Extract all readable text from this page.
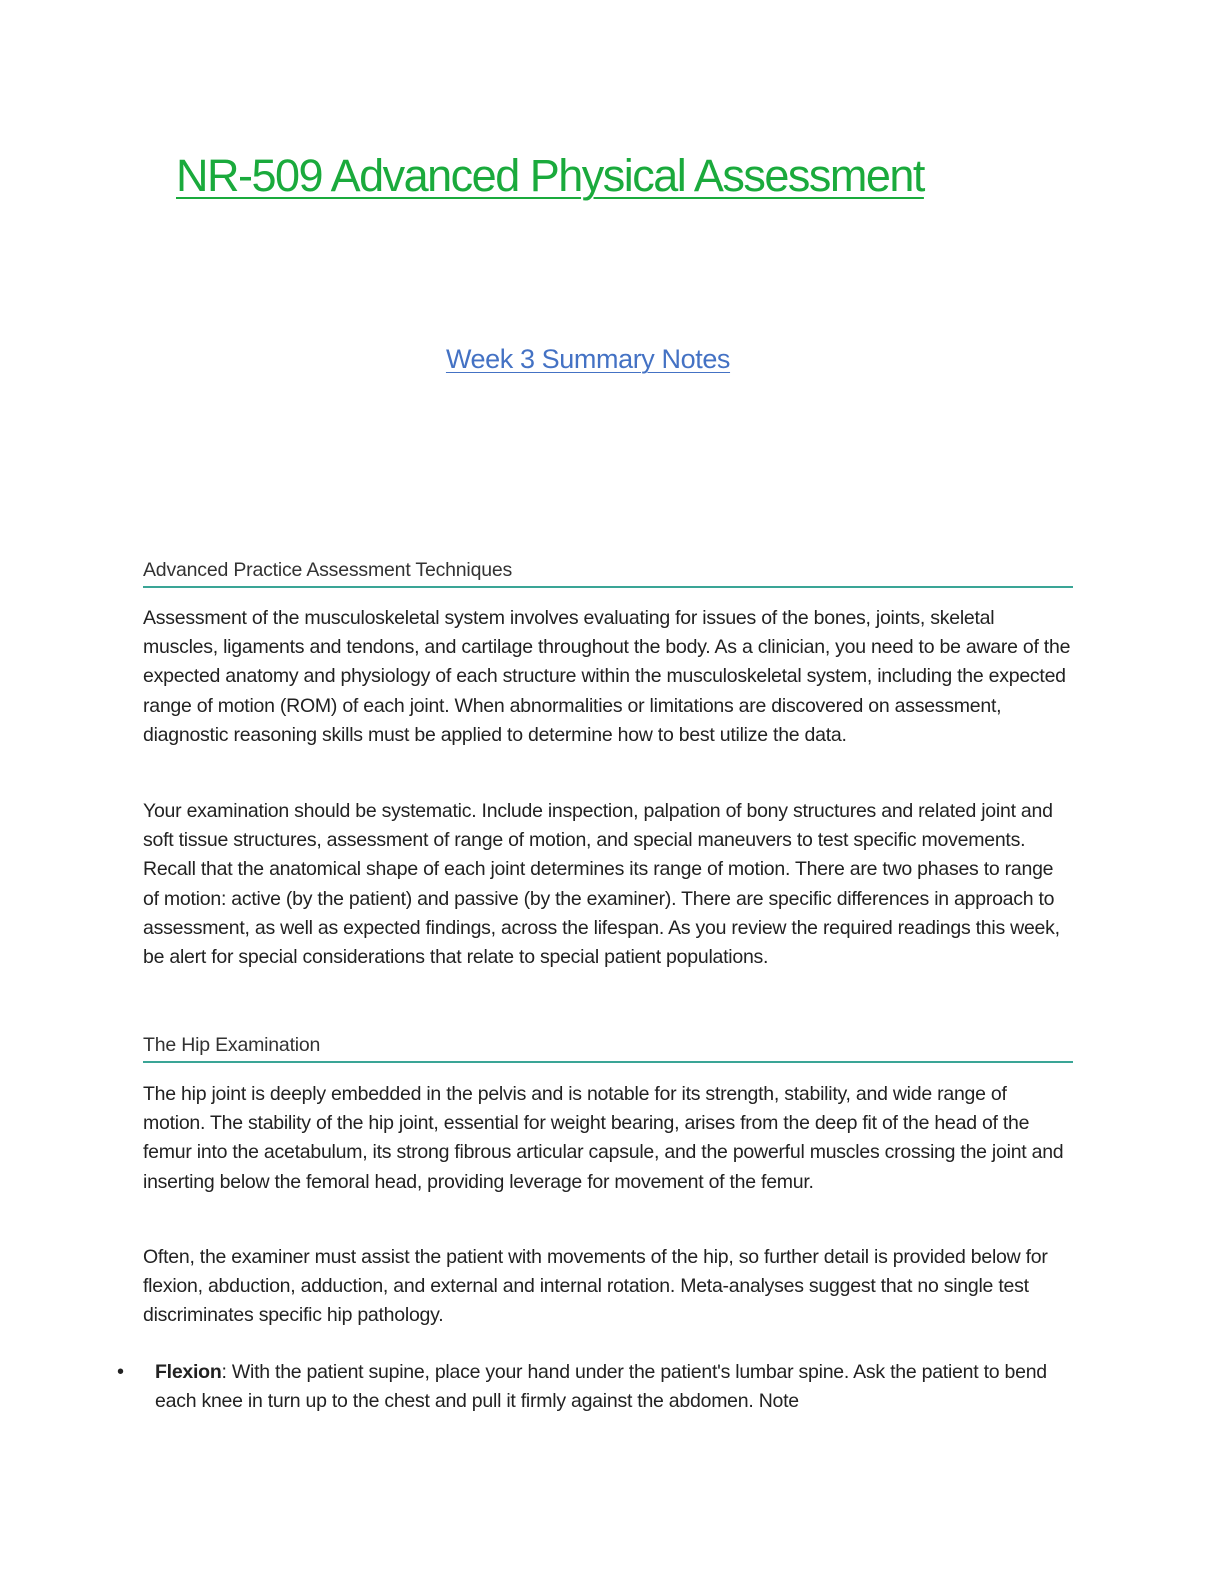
NR-509 Advanced Physical Assessment
Week 3 Summary Notes
Advanced Practice Assessment Techniques

Assessment of the musculoskeletal system involves evaluating for issues of the bones, joints, skeletal muscles, ligaments and tendons, and cartilage throughout the body. As a clinician, you need to be aware of the expected anatomy and physiology of each structure within the musculoskeletal system, including the expected range of motion (ROM) of each joint. When abnormalities or limitations are discovered on assessment, diagnostic reasoning skills must be applied to determine how to best utilize the data.

Your examination should be systematic. Include inspection, palpation of bony structures and related joint and soft tissue structures, assessment of range of motion, and special maneuvers to test specific movements. Recall that the anatomical shape of each joint determines its range of motion. There are two phases to range of motion: active (by the patient) and passive (by the examiner). There are specific differences in approach to assessment, as well as expected findings, across the lifespan. As you review the required readings this week, be alert for special considerations that relate to special patient populations.

The Hip Examination

The hip joint is deeply embedded in the pelvis and is notable for its strength, stability, and wide range of motion. The stability of the hip joint, essential for weight bearing, arises from the deep fit of the head of the femur into the acetabulum, its strong fibrous articular capsule, and the powerful muscles crossing the joint and inserting below the femoral head, providing leverage for movement of the femur.

Often, the examiner must assist the patient with movements of the hip, so further detail is provided below for flexion, abduction, adduction, and external and internal rotation. Meta-analyses suggest that no single test discriminates specific hip pathology.

• Flexion: With the patient supine, place your hand under the patient's lumbar spine. Ask the patient to bend each knee in turn up to the chest and pull it firmly against the abdomen. Note
